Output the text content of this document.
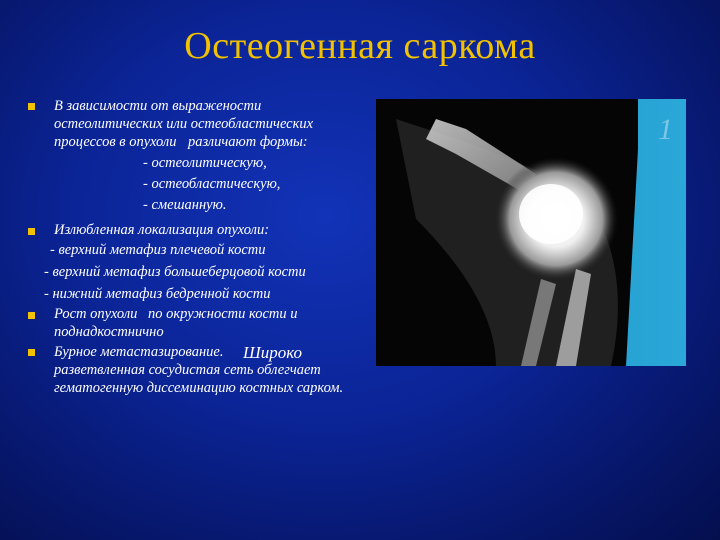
Остеогенная саркома
1
В зависимости от выражености
остеолитических или остеобластических
процессов в опухоли различают формы:
- остеолитическую,
- остеобластическую,
- смешанную.
Излюбленная локализация опухоли:
- верхний метафиз плечевой кости
- верхний метафиз большеберцовой кости
- нижний метафиз бедренной кости
Рост опухоли по окружности кости и
поднадкостнично
Бурное метастазирование. Широко
разветвленная сосудистая сеть облегчает
гематогенную диссеминацию костных сарком.
